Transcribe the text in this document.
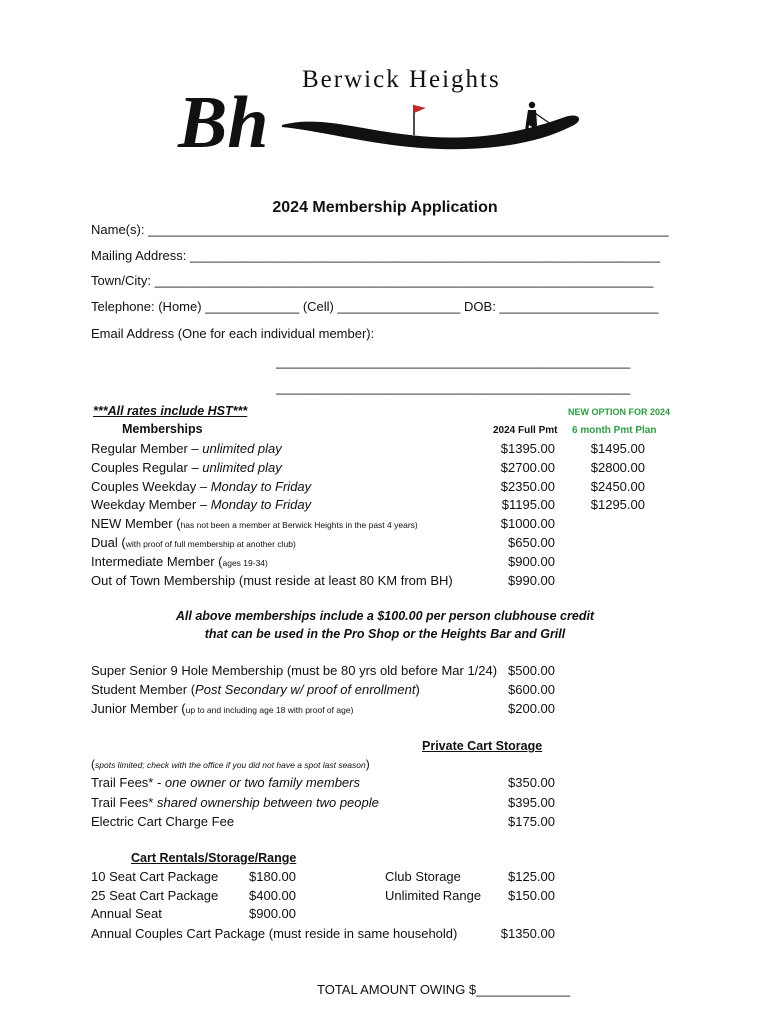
Berwick Heights
Bh
2024 Membership Application
Name(s): ________________________________________________________________________
Mailing Address: _________________________________________________________________
Town/City: _____________________________________________________________________
Telephone: (Home) _____________ (Cell) _________________ DOB: ______________________
Email Address (One for each individual member):
_________________________________________________
_________________________________________________
***All rates include HST***	NEW OPTION FOR 2024
Memberships	2024 Full Pmt 6 month Pmt Plan
Regular Member – unlimited play	$1395.00	$1495.00
Couples Regular – unlimited play	$2700.00	$2800.00
Couples Weekday – Monday to Friday	$2350.00	$2450.00
Weekday Member – Monday to Friday	$1195.00	$1295.00
NEW Member (has not been a member at Berwick Heights in the past 4 years)	$1000.00
Dual (with proof of full membership at another club)	$650.00
Intermediate Member (ages 19-34)	$900.00
Out of Town Membership (must reside at least 80 KM from BH)	$990.00
All above memberships include a $100.00 per person clubhouse credit
that can be used in the Pro Shop or the Heights Bar and Grill
Super Senior 9 Hole Membership (must be 80 yrs old before Mar 1/24) $500.00
Student Member (Post Secondary w/ proof of enrollment)	$600.00
Junior Member (up to and including age 18 with proof of age)	$200.00
Private Cart Storage
(spots limited; check with the office if you did not have a spot last season)
Trail Fees* - one owner or two family members	$350.00
Trail Fees* shared ownership between two people	$395.00
Electric Cart Charge Fee	$175.00
Cart Rentals/Storage/Range
10 Seat Cart Package $180.00	Club Storage	$125.00
25 Seat Cart Package $400.00	Unlimited Range	$150.00
Annual Seat	$900.00
Annual Couples Cart Package (must reside in same household)	$1350.00
TOTAL AMOUNT OWING $_____________
